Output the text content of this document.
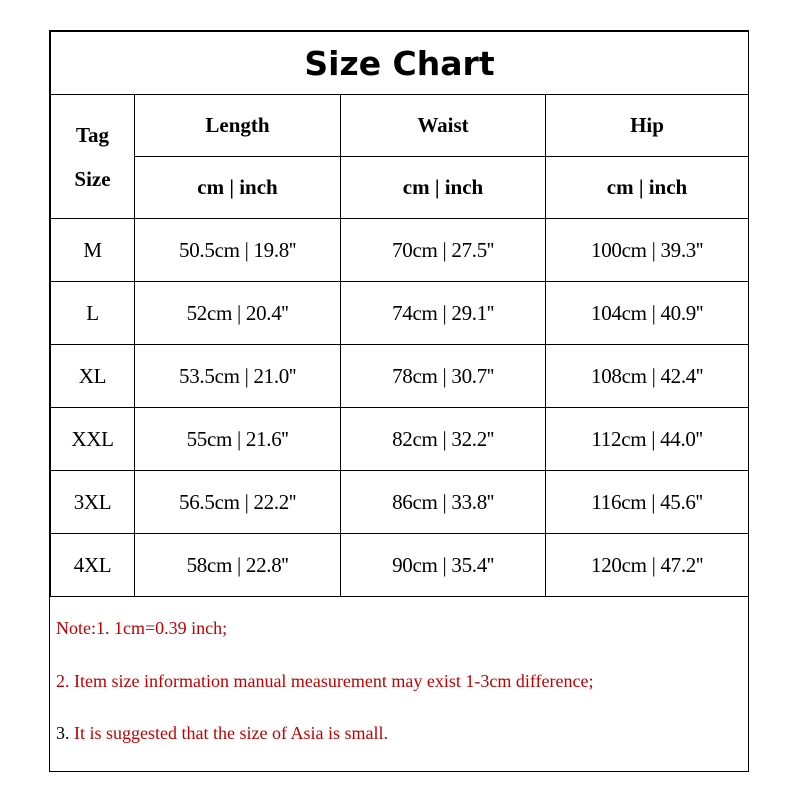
Size Chart			

Tag
Size	Length	Waist	Hip
	cm | inch	cm | inch	cm | inch
M	50.5cm | 19.8''	70cm | 27.5''	100cm | 39.3''
L	52cm | 20.4''	74cm | 29.1''	104cm | 40.9''
XL	53.5cm | 21.0''	78cm | 30.7''	108cm | 42.4''
XXL	55cm | 21.6''	82cm | 32.2''	112cm | 44.0''
3XL	56.5cm | 22.2''	86cm | 33.8''	116cm | 45.6''
4XL	58cm | 22.8''	90cm | 35.4''	120cm | 47.2''
Note:1. 1cm=0.39 inch;
2. Item size information manual measurement may exist 1-3cm difference;
3. It is suggested that the size of Asia is small.
